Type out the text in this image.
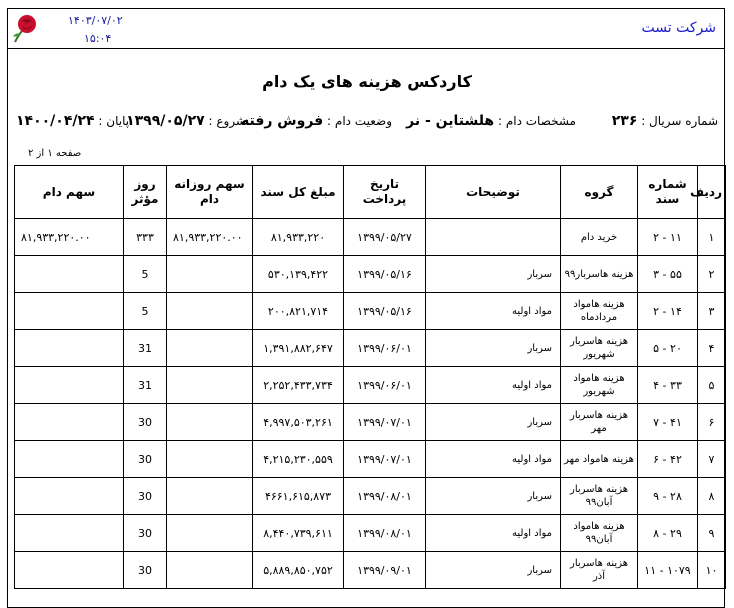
۱۴۰۳/۰۷/۰۲
۱۵:۰۴
شرکت تست
کاردکس هزینه های یک دام
شماره سریال : ۲۳۶
مشخصات دام : هلشتاین - نر
وضعیت دام : فروش رفته
شروع : ۱۳۹۹/۰۵/۲۷
پایان : ۱۴۰۰/۰۴/۲۴
صفحه ۱ از ۲
ردیف	شماره سند	گروه	توضیحات	تاریخ پرداخت	مبلغ کل سند	سهم روزانه دام	روز مؤثر	سهم دام
۱	۱۱ - ۲	خرید دام		۱۳۹۹/۰۵/۲۷	۸۱,۹۳۳,۲۲۰	۸۱,۹۳۳,۲۲۰.۰۰	۳۳۳	۸۱,۹۳۳,۲۲۰.۰۰
۲	۵۵ - ۳	هزینه هاسربار۹۹	سربار	۱۳۹۹/۰۵/۱۶	۵۳۰,۱۳۹,۴۲۲		5	
۳	۱۴ - ۲	هزینه هامواد مردادماه	مواد اولیه	۱۳۹۹/۰۵/۱۶	۲۰۰,۸۲۱,۷۱۴		5	
۴	۲۰ - ۵	هزینه هاسربار شهریور	سربار	۱۳۹۹/۰۶/۰۱	۱,۳۹۱,۸۸۲,۶۴۷		31	
۵	۳۳ - ۴	هزینه هامواد شهریور	مواد اولیه	۱۳۹۹/۰۶/۰۱	۲,۲۵۲,۴۳۳,۷۳۴		31	
۶	۴۱ - ۷	هزینه هاسربار مهر	سربار	۱۳۹۹/۰۷/۰۱	۴,۹۹۷,۵۰۳,۲۶۱		30	
۷	۴۲ - ۶	هزینه هامواد مهر	مواد اولیه	۱۳۹۹/۰۷/۰۱	۴,۲۱۵,۲۳۰,۵۵۹		30	
۸	۲۸ - ۹	هزینه هاسربار آبان۹۹	سربار	۱۳۹۹/۰۸/۰۱	۴۶۶۱,۶۱۵,۸۷۳		30	
۹	۲۹ - ۸	هزینه هامواد آبان۹۹	مواد اولیه	۱۳۹۹/۰۸/۰۱	۸,۴۴۰,۷۳۹,۶۱۱		30	
۱۰	۱۰۷۹ - ۱۱	هزینه هاسربار آذر	سربار	۱۳۹۹/۰۹/۰۱	۵,۸۸۹,۸۵۰,۷۵۲		30	
